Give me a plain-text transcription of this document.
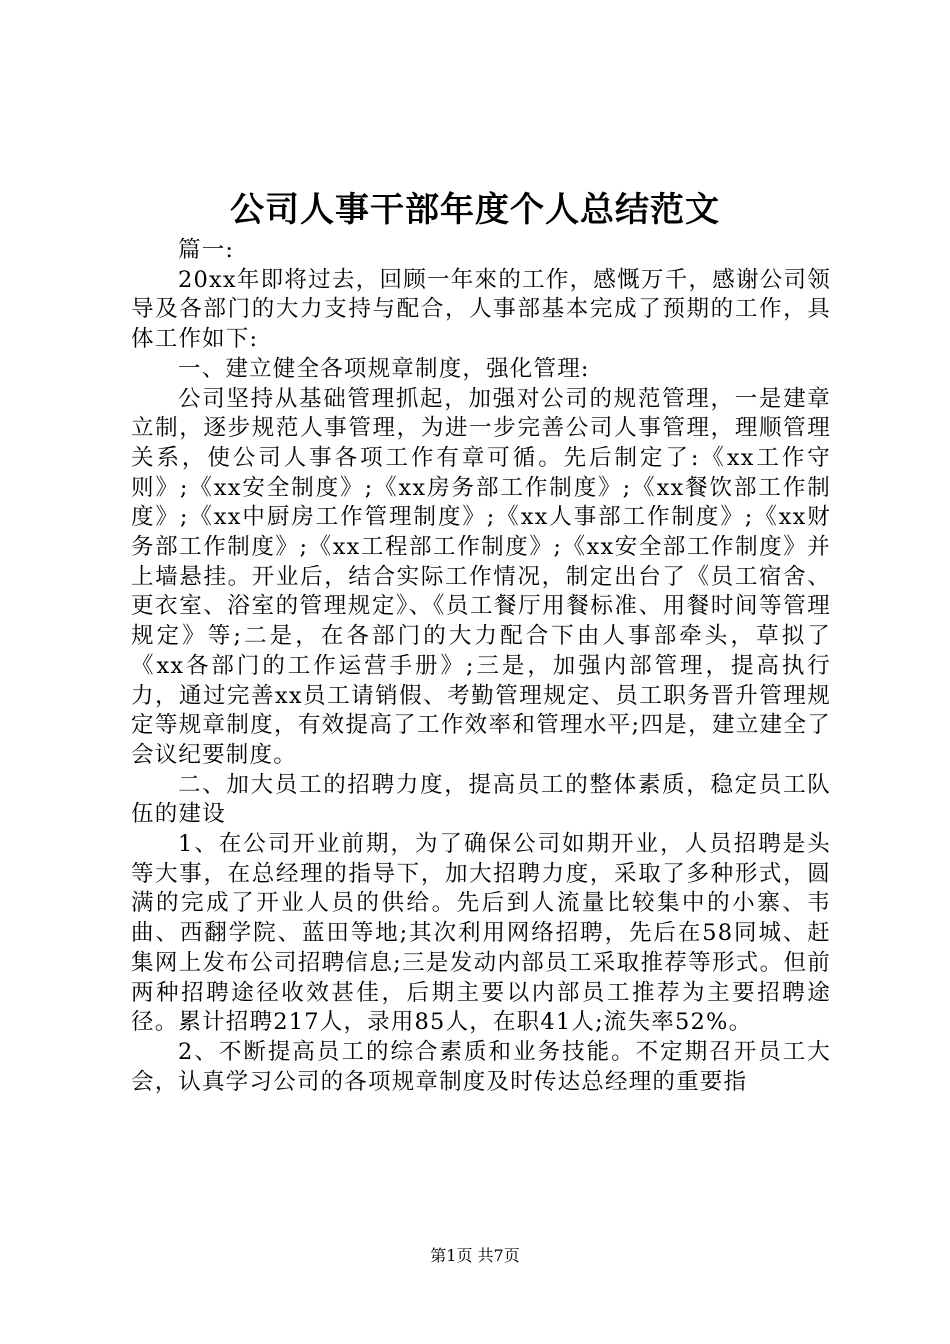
公司人事干部年度个人总结范文

篇一:

20xx年即将过去，回顾一年來的工作，感慨万千，感谢公司领导及各部门的大力支持与配合，人事部基本完成了预期的工作，具体工作如下:

一、建立健全各项规章制度，强化管理:

公司坚持从基础管理抓起，加强对公司的规范管理，一是建章立制，逐步规范人事管理，为进一步完善公司人事管理，理顺管理关系，使公司人事各项工作有章可循。先后制定了:《xx工作守则》;《xx安全制度》;《xx房务部工作制度》;《xx餐饮部工作制度》;《xx中厨房工作管理制度》;《xx人事部工作制度》;《xx财务部工作制度》;《xx工程部工作制度》;《xx安全部工作制度》并上墙悬挂。开业后，结合实际工作情况，制定出台了《员工宿舍、更衣室、浴室的管理规定》、《员工餐厅用餐标准、用餐时间等管理规定》等;二是，在各部门的大力配合下由人事部牵头，草拟了《xx各部门的工作运营手册》;三是，加强内部管理，提高执行力，通过完善xx员工请销假、考勤管理规定、员工职务晋升管理规定等规章制度，有效提高了工作效率和管理水平;四是，建立建全了会议纪要制度。

二、加大员工的招聘力度，提高员工的整体素质，稳定员工队伍的建设

1、在公司开业前期，为了确保公司如期开业，人员招聘是头等大事，在总经理的指导下，加大招聘力度，采取了多种形式，圆满的完成了开业人员的供给。先后到人流量比较集中的小寨、韦曲、西翻学院、蓝田等地;其次利用网络招聘，先后在58同城、赶集网上发布公司招聘信息;三是发动内部员工采取推荐等形式。但前两种招聘途径收效甚佳，后期主要以内部员工推荐为主要招聘途径。累计招聘217人，录用85人，在职41人;流失率52%。

2、不断提高员工的综合素质和业务技能。不定期召开员工大会，认真学习公司的各项规章制度及时传达总经理的重要指

第1页 共7页
